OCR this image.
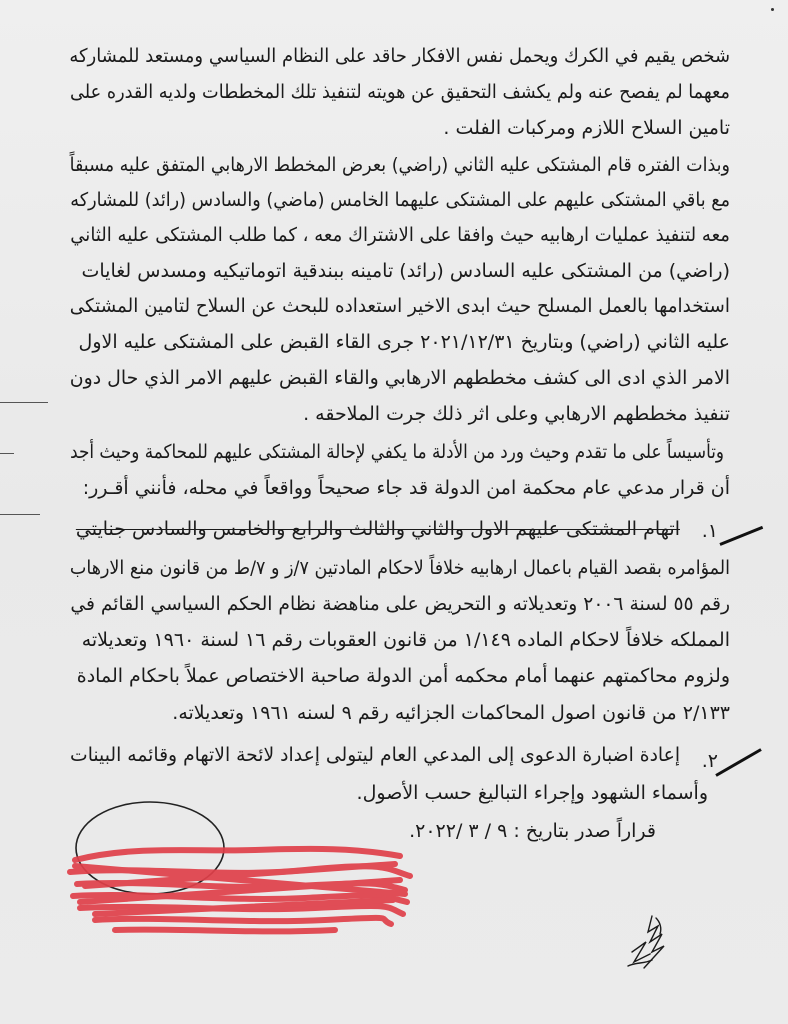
شخص يقيم في الكرك ويحمل نفس الافكار حاقد على النظام السياسي ومستعد للمشاركه
معهما لم يفصح عنه ولم يكشف التحقيق عن هويته لتنفيذ تلك المخططات ولديه القدره على
تامين السلاح اللازم ومركبات الفلت .
وبذات الفتره قام المشتكى عليه الثاني (راضي) بعرض المخطط الارهابي المتفق عليه مسبقاً
مع باقي المشتكى عليهم على المشتكى عليهما الخامس (ماضي) والسادس (رائد) للمشاركه
معه لتنفيذ عمليات ارهابيه حيث وافقا على الاشتراك معه ، كما طلب المشتكى عليه الثاني
(راضي) من المشتكى عليه السادس (رائد) تامينه ببندقية اتوماتيكيه ومسدس لغايات
استخدامها بالعمل المسلح حيث ابدى الاخير استعداده للبحث عن السلاح لتامين المشتكى
عليه الثاني (راضي) وبتاريخ ٢٠٢١/١٢/٣١ جرى القاء القبض على المشتكى عليه الاول
الامر الذي ادى الى كشف مخططهم الارهابي والقاء القبض عليهم الامر الذي حال دون
تنفيذ مخططهم الارهابي وعلى اثر ذلك جرت الملاحقه .
وتأسيساً على ما تقدم وحيث ورد من الأدلة ما يكفي لإحالة المشتكى عليهم للمحاكمة وحيث أجد
أن قرار مدعي عام محكمة امن الدولة قد جاء صحيحاً وواقعاً في محله، فأنني أقـرر:
١.
اتهام المشتكى عليهم الاول والثاني والثالث والرابع والخامس والسادس جنايتي
المؤامره بقصد القيام باعمال ارهابيه خلافاً لاحكام المادتين ٧/ز و ٧/ط من قانون منع الارهاب
رقم ٥٥ لسنة ٢٠٠٦ وتعديلاته و التحريض على مناهضة نظام الحكم السياسي القائم في
المملكه خلافاً لاحكام الماده ١/١٤٩ من قانون العقوبات رقم ١٦ لسنة ١٩٦٠ وتعديلاته
ولزوم محاكمتهم عنهما أمام محكمه أمن الدولة صاحبة الاختصاص عملاً باحكام المادة
٢/١٣٣ من قانون اصول المحاكمات الجزائيه رقم ٩ لسنه ١٩٦١ وتعديلاته.
٢.
إعادة اضبارة الدعوى إلى المدعي العام ليتولى إعداد لائحة الاتهام وقائمه البينات
وأسماء الشهود وإجراء التباليغ حسب الأصول.
قراراً صدر بتاريخ : ٩ / ٣ /٢٠٢٢.
